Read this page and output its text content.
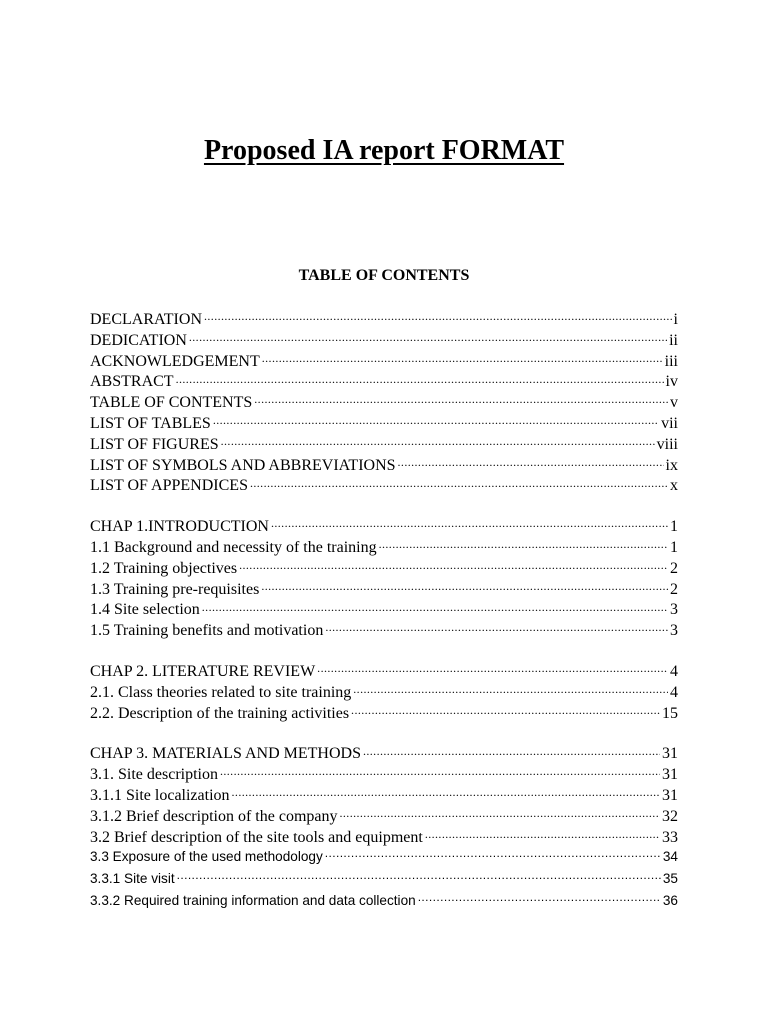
Proposed IA report FORMAT
TABLE OF CONTENTS
DECLARATION .....	i
DEDICATION .....	ii
ACKNOWLEDGEMENT .....	iii
ABSTRACT .....	iv
TABLE OF CONTENTS .....	v
LIST OF TABLES .....	vii
LIST OF FIGURES .....	viii
LIST OF SYMBOLS AND ABBREVIATIONS .....	ix
LIST OF APPENDICES .....	x
CHAP 1.INTRODUCTION .....	1
1.1 Background and necessity of the training .....	1
1.2 Training objectives .....	2
1.3 Training pre-requisites .....	2
1.4 Site selection .....	3
1.5 Training benefits and motivation .....	3
CHAP 2. LITERATURE REVIEW .....	4
2.1. Class theories related to site training .....	4
2.2. Description of the training activities .....	15
CHAP 3. MATERIALS AND METHODS .....	31
3.1. Site description .....	31
3.1.1 Site localization .....	31
3.1.2 Brief description of the company .....	32
3.2 Brief description of the site tools and equipment .....	33
3.3 Exposure of the used methodology .....	34
3.3.1 Site visit .....	35
3.3.2 Required training information and data collection .....	36
